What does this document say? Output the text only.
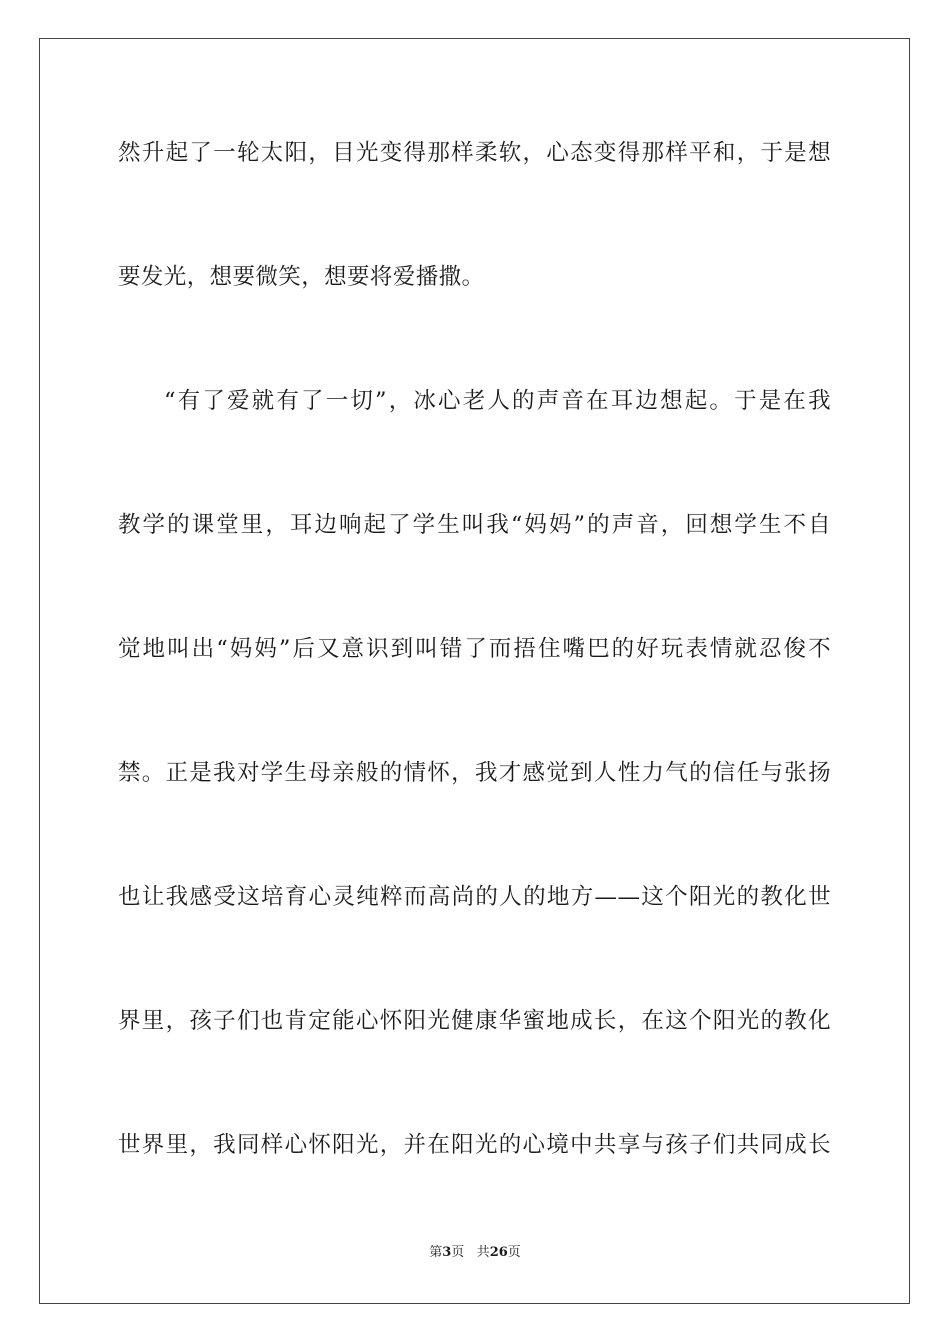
然升起了一轮太阳，目光变得那样柔软，心态变得那样平和，于是想
要发光，想要微笑，想要将爱播撒。
“有了爱就有了一切”，冰心老人的声音在耳边想起。于是在我
教学的课堂里，耳边响起了学生叫我“妈妈”的声音，回想学生不自
觉地叫出“妈妈”后又意识到叫错了而捂住嘴巴的好玩表情就忍俊不
禁。正是我对学生母亲般的情怀，我才感觉到人性力气的信任与张扬
也让我感受这培育心灵纯粹而高尚的人的地方——这个阳光的教化世
界里，孩子们也肯定能心怀阳光健康华蜜地成长，在这个阳光的教化
世界里，我同样心怀阳光，并在阳光的心境中共享与孩子们共同成长
第3页 共26页
